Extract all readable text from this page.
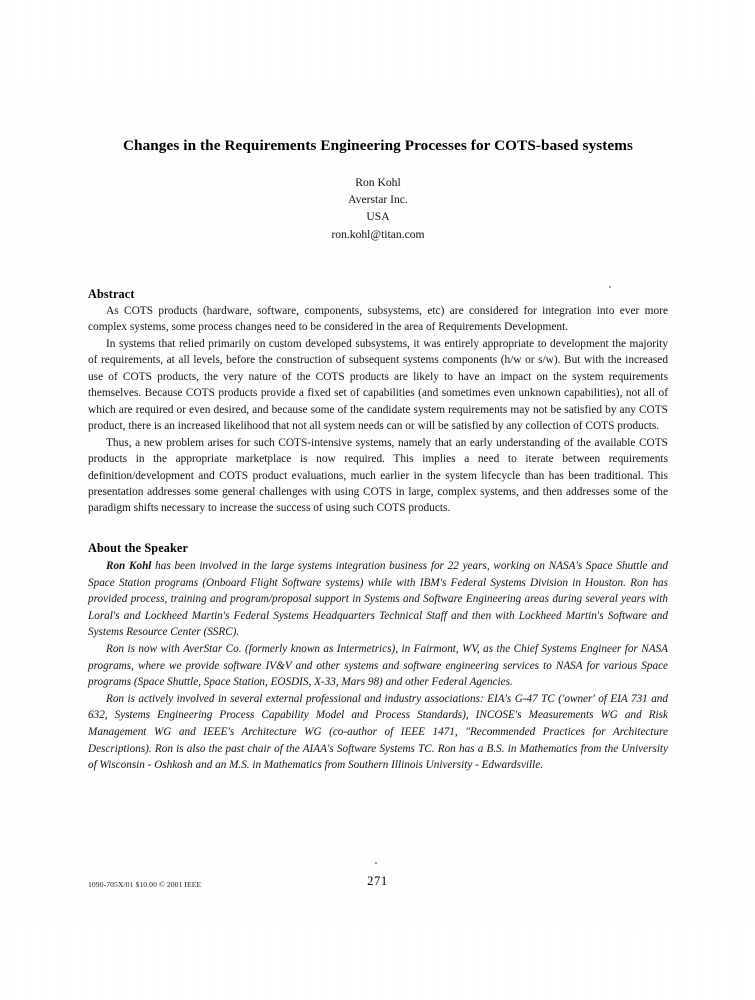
Changes in the Requirements Engineering Processes for COTS-based systems
Ron Kohl
Averstar Inc.
USA
ron.kohl@titan.com
Abstract

As COTS products (hardware, software, components, subsystems, etc) are considered for integration into ever more complex systems, some process changes need to be considered in the area of Requirements Development.

In systems that relied primarily on custom developed subsystems, it was entirely appropriate to development the majority of requirements, at all levels, before the construction of subsequent systems components (h/w or s/w). But with the increased use of COTS products, the very nature of the COTS products are likely to have an impact on the system requirements themselves. Because COTS products provide a fixed set of capabilities (and sometimes even unknown capabilities), not all of which are required or even desired, and because some of the candidate system requirements may not be satisfied by any COTS product, there is an increased likelihood that not all system needs can or will be satisfied by any collection of COTS products.

Thus, a new problem arises for such COTS-intensive systems, namely that an early understanding of the available COTS products in the appropriate marketplace is now required. This implies a need to iterate between requirements definition/development and COTS product evaluations, much earlier in the system lifecycle than has been traditional. This presentation addresses some general challenges with using COTS in large, complex systems, and then addresses some of the paradigm shifts necessary to increase the success of using such COTS products.

About the Speaker

Ron Kohl has been involved in the large systems integration business for 22 years, working on NASA's Space Shuttle and Space Station programs (Onboard Flight Software systems) while with IBM's Federal Systems Division in Houston. Ron has provided process, training and program/proposal support in Systems and Software Engineering areas during several years with Loral's and Lockheed Martin's Federal Systems Headquarters Technical Staff and then with Lockheed Martin's Software and Systems Resource Center (SSRC).

Ron is now with AverStar Co. (formerly known as Intermetrics), in Fairmont, WV, as the Chief Systems Engineer for NASA programs, where we provide software IV&V and other systems and software engineering services to NASA for various Space programs (Space Shuttle, Space Station, EOSDIS, X-33, Mars 98) and other Federal Agencies.

Ron is actively involved in several external professional and industry associations: EIA's G-47 TC ('owner' of EIA 731 and 632, Systems Engineering Process Capability Model and Process Standards), INCOSE's Measurements WG and Risk Management WG and IEEE's Architecture WG (co-author of IEEE 1471, "Recommended Practices for Architecture Descriptions). Ron is also the past chair of the AIAA's Software Systems TC. Ron has a B.S. in Mathematics from the University of Wisconsin - Oshkosh and an M.S. in Mathematics from Southern Illinois University - Edwardsville.

1090-705X/01 $10.00 © 2001 IEEE	271
